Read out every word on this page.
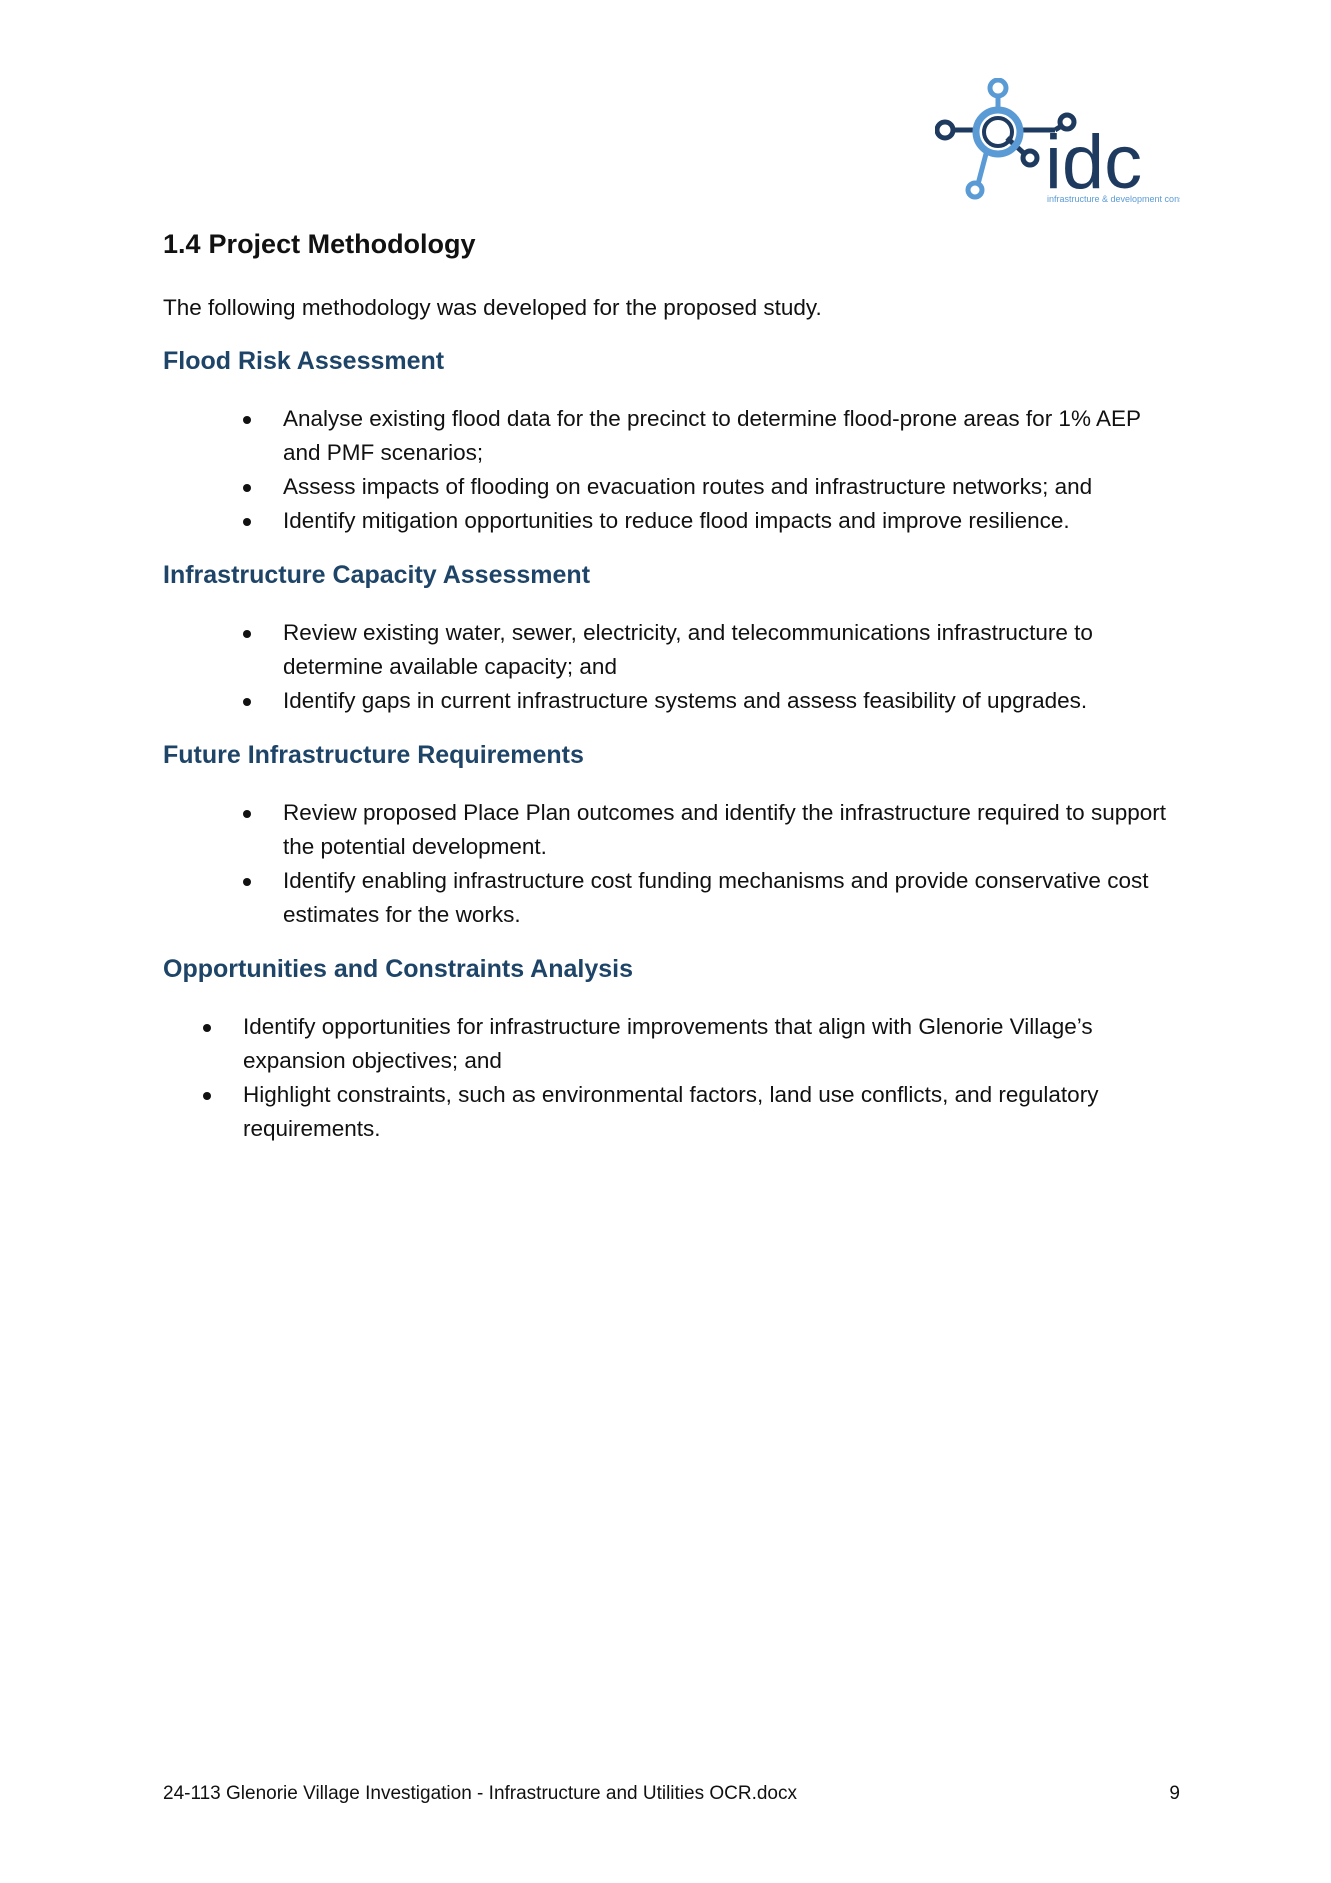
idc
infrastructure & development con
1.4 Project Methodology

The following methodology was developed for the proposed study.

Flood Risk Assessment
Analyse existing flood data for the precinct to determine flood-prone areas for 1% AEP and PMF scenarios;
Assess impacts of flooding on evacuation routes and infrastructure networks; and
Identify mitigation opportunities to reduce flood impacts and improve resilience.
Infrastructure Capacity Assessment
Review existing water, sewer, electricity, and telecommunications infrastructure to determine available capacity; and
Identify gaps in current infrastructure systems and assess feasibility of upgrades.
Future Infrastructure Requirements
Review proposed Place Plan outcomes and identify the infrastructure required to support the potential development.
Identify enabling infrastructure cost funding mechanisms and provide conservative cost estimates for the works.
Opportunities and Constraints Analysis
Identify opportunities for infrastructure improvements that align with Glenorie Village’s expansion objectives; and
Highlight constraints, such as environmental factors, land use conflicts, and regulatory requirements.
24-113 Glenorie Village Investigation - Infrastructure and Utilities OCR.docx	9
